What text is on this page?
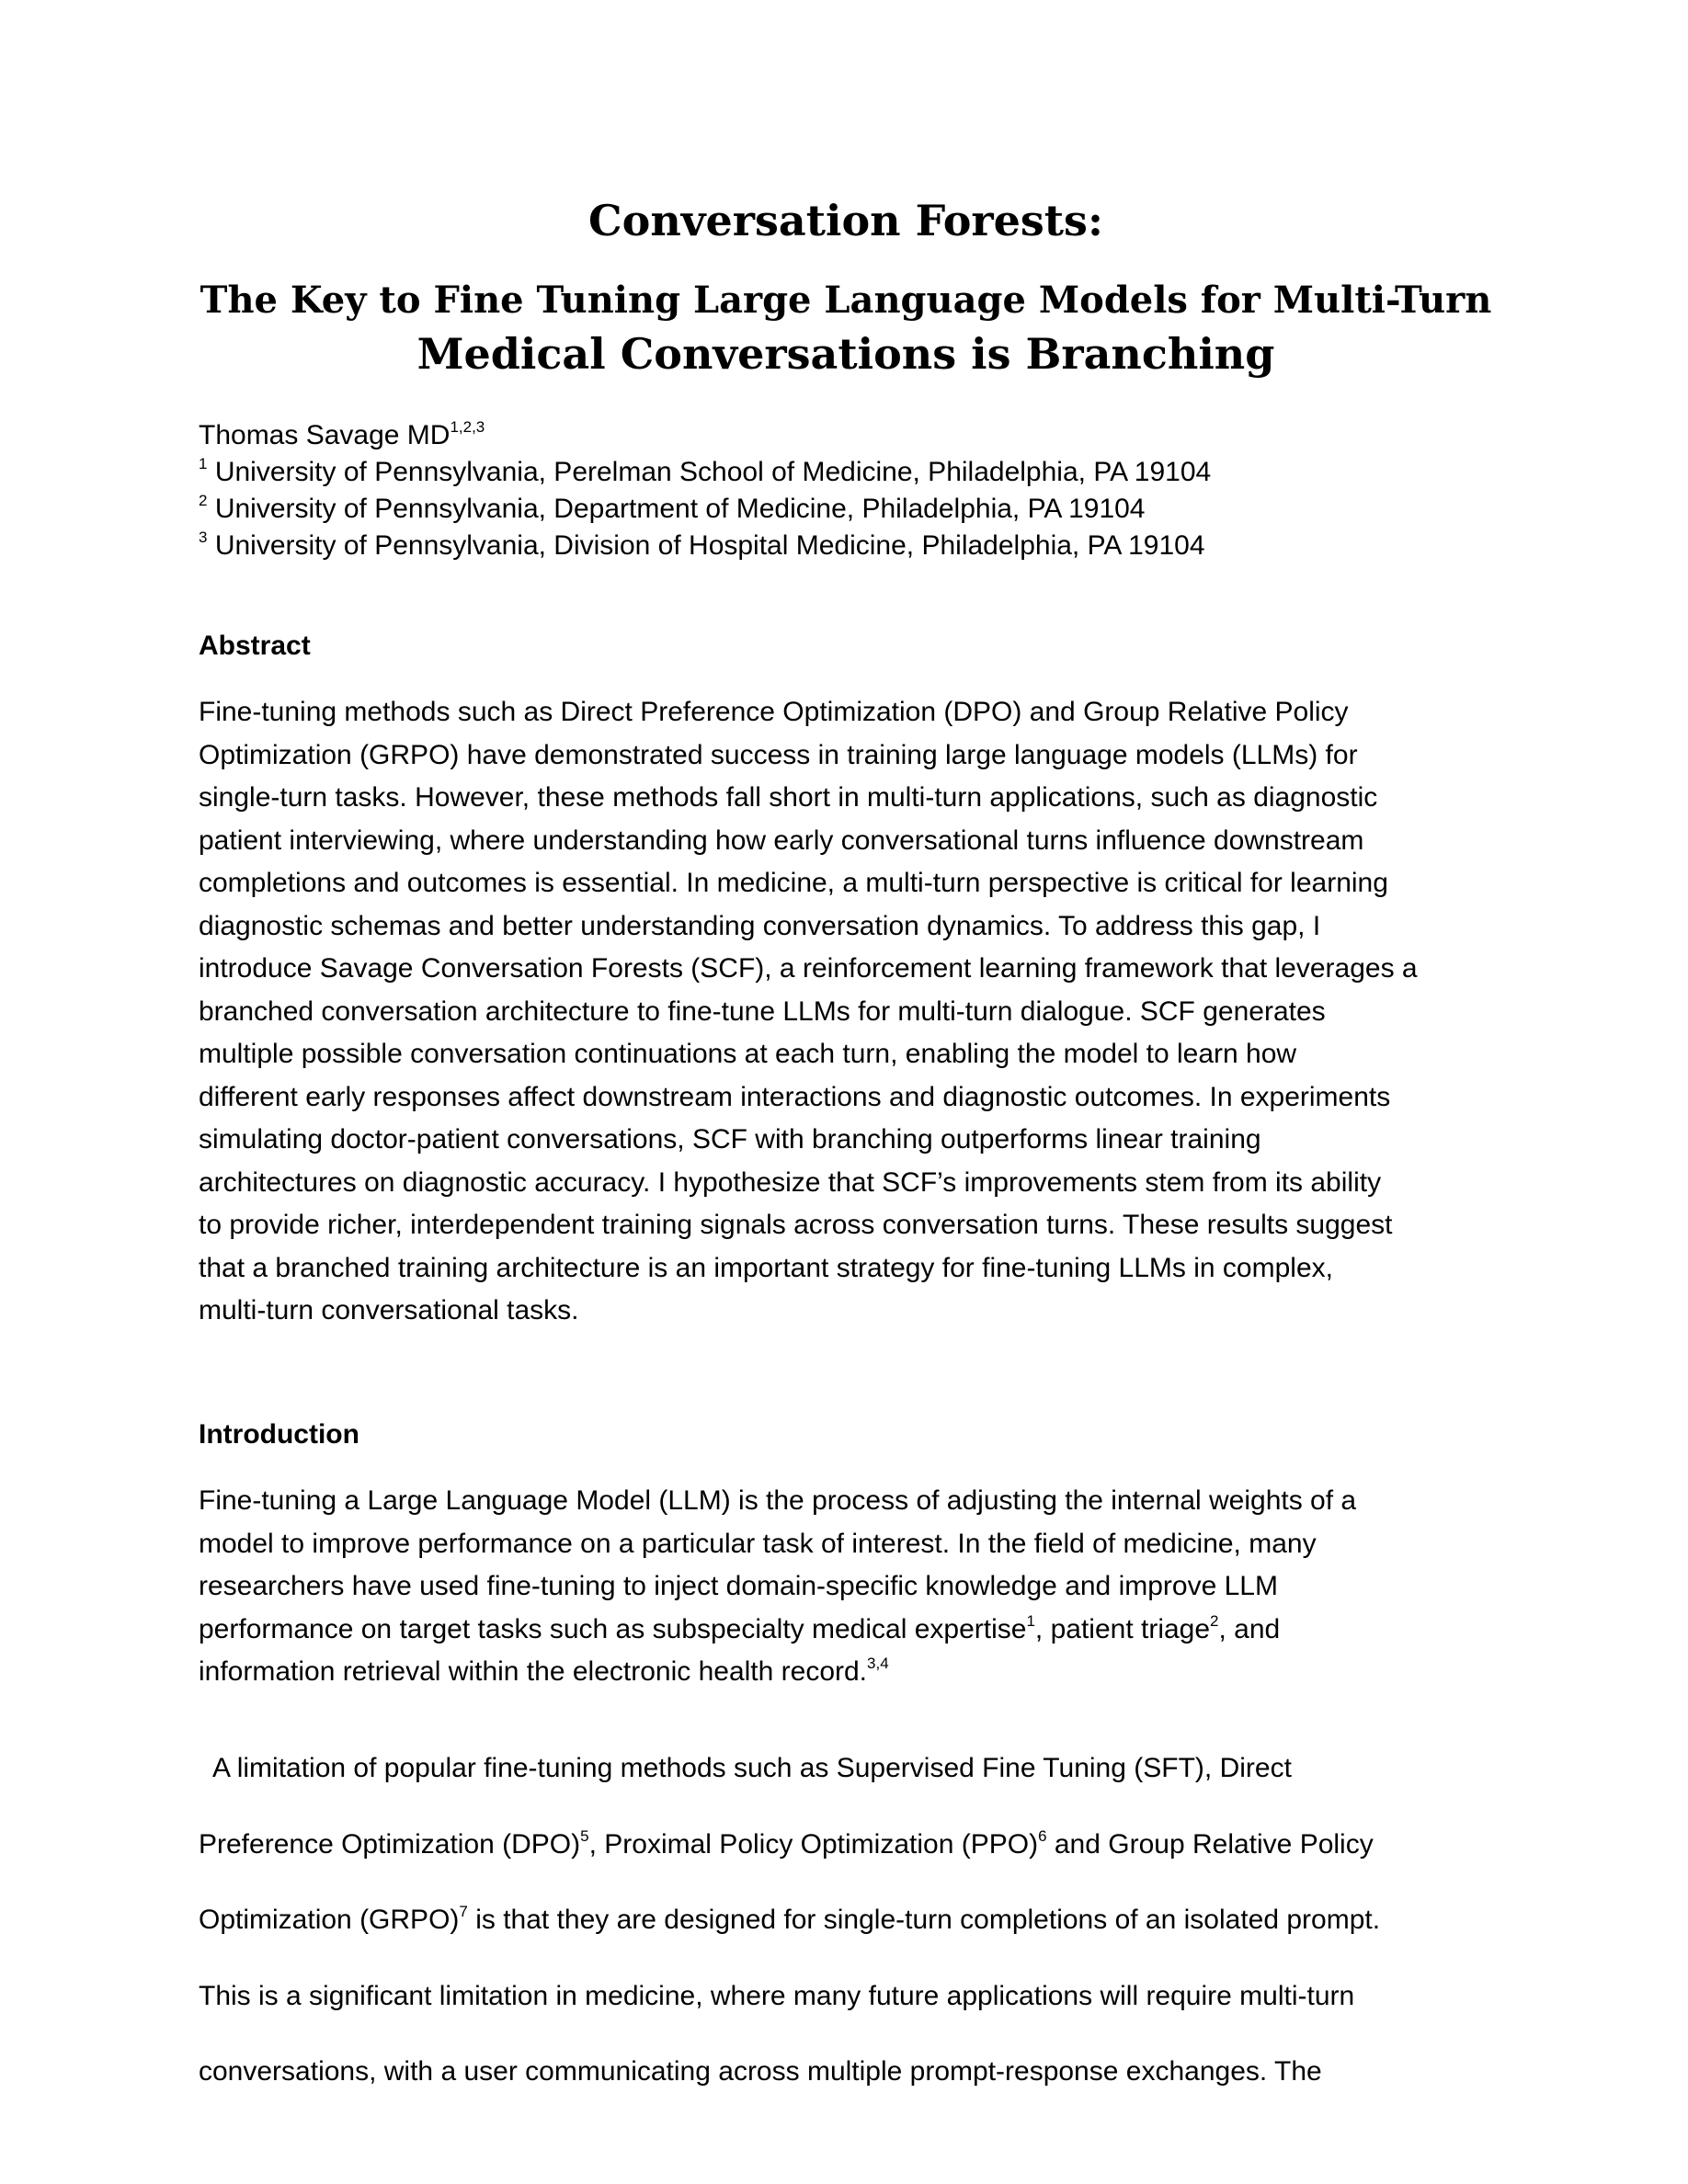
Conversation Forests:

The Key to Fine Tuning Large Language Models for Multi-Turn

Medical Conversations is Branching

Thomas Savage MD$^{1,2,3}$

$^1$ University of Pennsylvania, Perelman School of Medicine, Philadelphia, PA 19104

$^2$ University of Pennsylvania, Department of Medicine, Philadelphia, PA 19104

$^3$ University of Pennsylvania, Division of Hospital Medicine, Philadelphia, PA 19104

Abstract

Fine-tuning methods such as Direct Preference Optimization (DPO) and Group Relative Policy

Optimization (GRPO) have demonstrated success in training large language models (LLMs) for

single-turn tasks. However, these methods fall short in multi-turn applications, such as diagnostic

patient interviewing, where understanding how early conversational turns influence downstream

completions and outcomes is essential. In medicine, a multi-turn perspective is critical for learning

diagnostic schemas and better understanding conversation dynamics. To address this gap, I

introduce Savage Conversation Forests (SCF), a reinforcement learning framework that leverages a

branched conversation architecture to fine-tune LLMs for multi-turn dialogue. SCF generates

multiple possible conversation continuations at each turn, enabling the model to learn how

different early responses affect downstream interactions and diagnostic outcomes. In experiments

simulating doctor-patient conversations, SCF with branching outperforms linear training

architectures on diagnostic accuracy. I hypothesize that SCF’s improvements stem from its ability

to provide richer, interdependent training signals across conversation turns. These results suggest

that a branched training architecture is an important strategy for fine-tuning LLMs in complex,

multi-turn conversational tasks.

Introduction

Fine-tuning a Large Language Model (LLM) is the process of adjusting the internal weights of a

model to improve performance on a particular task of interest. In the field of medicine, many

researchers have used fine-tuning to inject domain-specific knowledge and improve LLM

performance on target tasks such as subspecialty medical expertise$^1$, patient triage$^2$, and

information retrieval within the electronic health record.$^{3,4}$

A limitation of popular fine-tuning methods such as Supervised Fine Tuning (SFT), Direct

Preference Optimization (DPO)$^5$, Proximal Policy Optimization (PPO)$^6$ and Group Relative Policy

Optimization (GRPO)$^7$ is that they are designed for single-turn completions of an isolated prompt.

This is a significant limitation in medicine, where many future applications will require multi-turn

conversations, with a user communicating across multiple prompt-response exchanges. The
